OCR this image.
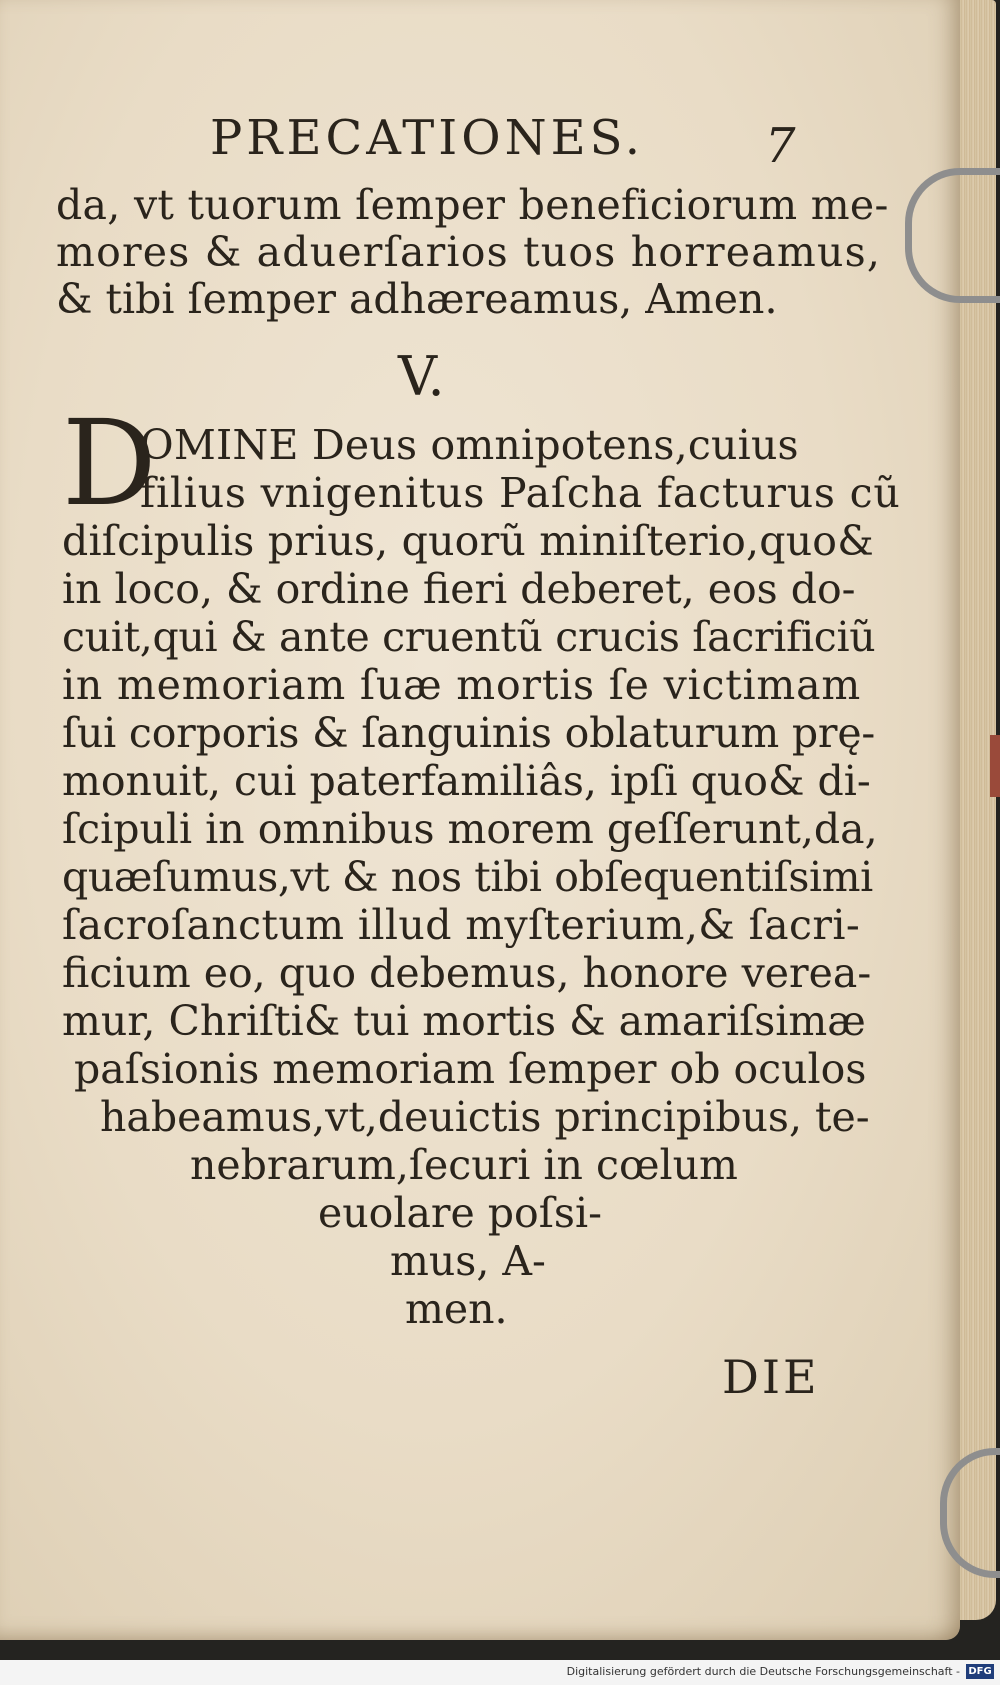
PRECATIONES.	7
da, vt tuorum ſemper beneficiorum me-
mores & aduerſarios tuos horreamus,
& tibi ſemper adhæreamus, Amen.
V.
D
OMINE Deus omnipotens,cuius
filius vnigenitus Paſcha facturus cũ
diſcipulis prius, quorũ miniſterio,quo&
in loco, & ordine fieri deberet, eos do-
cuit,qui & ante cruentũ crucis ſacrificiũ
in memoriam ſuæ mortis ſe victimam
ſui corporis & ſanguinis oblaturum prę-
monuit, cui paterfamiliâs, ipſi quo& di-
ſcipuli in omnibus morem geſſerunt,da,
quæſumus,vt & nos tibi obſequentiſsimi
ſacroſanctum illud myſterium,& ſacri-
ficium eo, quo debemus, honore verea-
mur, Chriſti& tui mortis & amariſsimæ
paſsionis memoriam ſemper ob oculos
habeamus,vt,deuictis principibus, te-
nebrarum,ſecuri in cœlum
euolare poſsi-
mus, A-
men.
DIE
Digitalisierung gefördert durch die Deutsche Forschungsgemeinschaft - DFG
